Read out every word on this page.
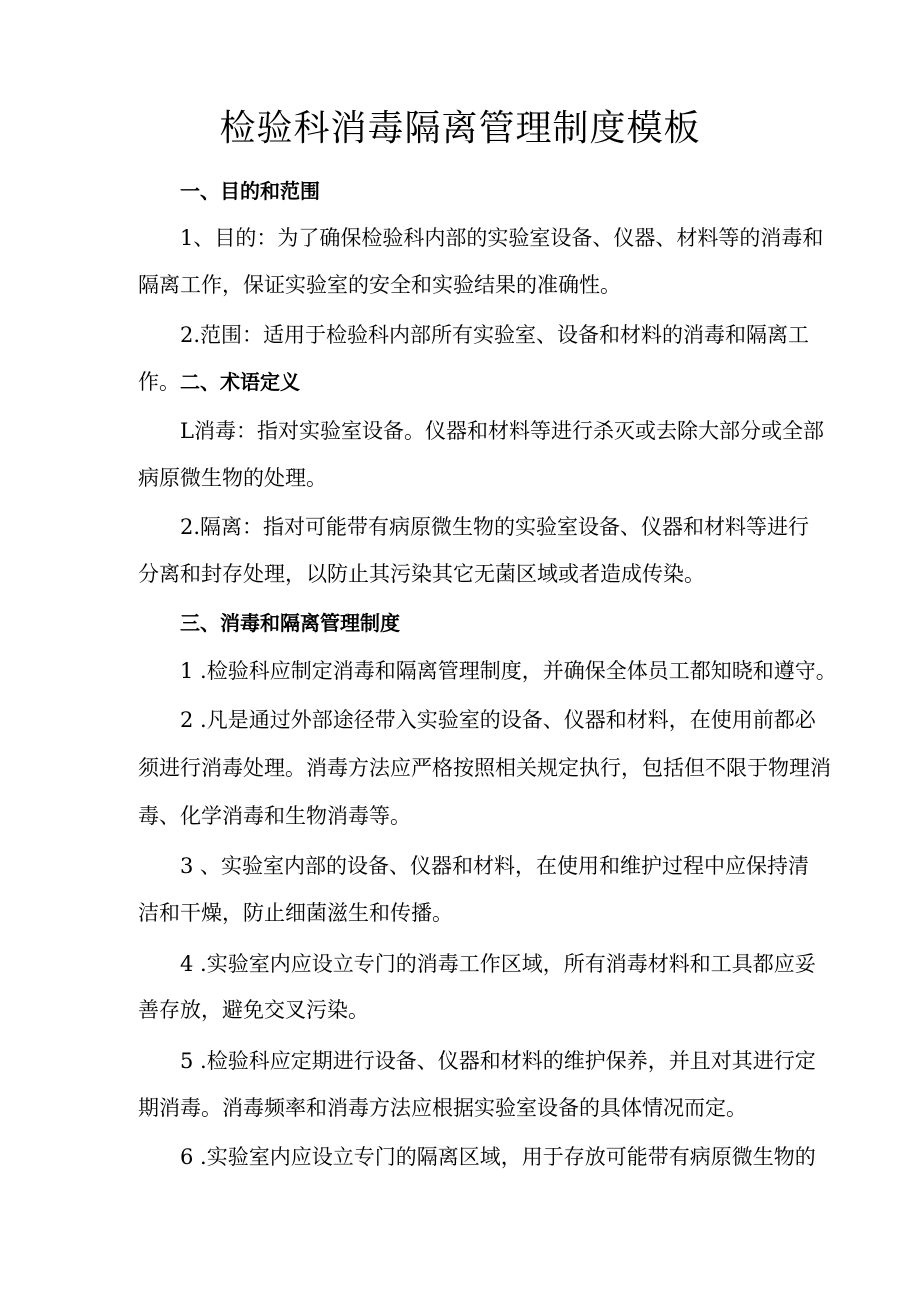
检验科消毒隔离管理制度模板
一、目的和范围
1、目的：为了确保检验科内部的实验室设备、仪器、材料等的消毒和
隔离工作，保证实验室的安全和实验结果的准确性。
2.范围：适用于检验科内部所有实验室、设备和材料的消毒和隔离工
作。二、术语定义
L消毒：指对实验室设备。仪器和材料等进行杀灭或去除大部分或全部
病原微生物的处理。
2.隔离：指对可能带有病原微生物的实验室设备、仪器和材料等进行
分离和封存处理，以防止其污染其它无菌区域或者造成传染。
三、消毒和隔离管理制度
1 .检验科应制定消毒和隔离管理制度，并确保全体员工都知晓和遵守。
2 .凡是通过外部途径带入实验室的设备、仪器和材料，在使用前都必
须进行消毒处理。消毒方法应严格按照相关规定执行，包括但不限于物理消
毒、化学消毒和生物消毒等。
3 、实验室内部的设备、仪器和材料，在使用和维护过程中应保持清
洁和干燥，防止细菌滋生和传播。
4 .实验室内应设立专门的消毒工作区域，所有消毒材料和工具都应妥
善存放，避免交叉污染。
5 .检验科应定期进行设备、仪器和材料的维护保养，并且对其进行定
期消毒。消毒频率和消毒方法应根据实验室设备的具体情况而定。
6 .实验室内应设立专门的隔离区域，用于存放可能带有病原微生物的
